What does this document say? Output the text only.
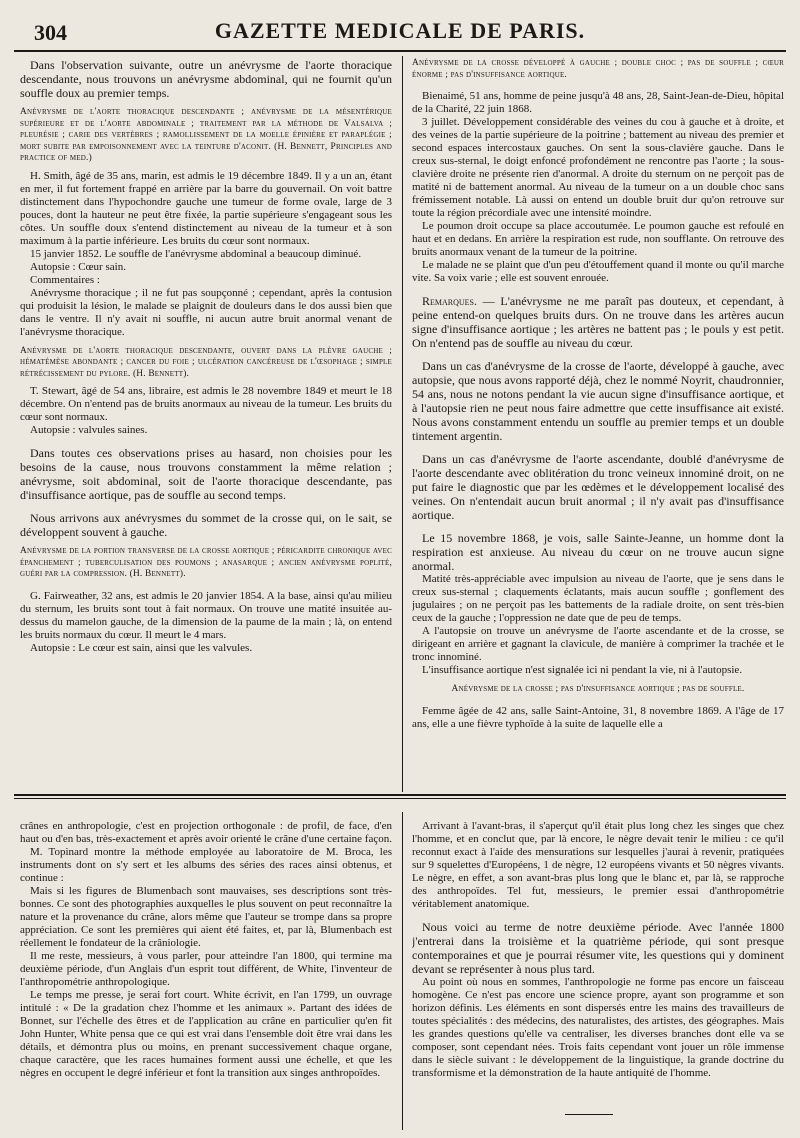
304	GAZETTE MEDICALE DE PARIS.

Dans l'observation suivante, outre un anévrysme de l'aorte thoracique descendante, nous trouvons un anévrysme abdominal, qui ne fournit qu'un souffle doux au premier temps.

Anévrysme de l'aorte thoracique descendante ; anévrysme de la mésentérique supérieure et de l'aorte abdominale ; traitement par la méthode de Valsalva ; pleurésie ; carie des vertèbres ; ramollissement de la moelle épinière et paraplégie ; mort subite par empoisonnement avec la teinture d'aconit. (H. Bennett, Principles and practice of med.)

H. Smith, âgé de 35 ans, marin, est admis le 19 décembre 1849. Il y a un an, étant en mer, il fut fortement frappé en arrière par la barre du gouvernail. On voit battre distinctement dans l'hypochondre gauche une tumeur de forme ovale, large de 3 pouces, dont la hauteur ne peut être fixée, la partie supérieure s'engageant sous les côtes. Un souffle doux s'entend distinctement au niveau de la tumeur et à son maximum à la partie inférieure. Les bruits du cœur sont normaux.

15 janvier 1852. Le souffle de l'anévrysme abdominal a beaucoup diminué.

Autopsie : Cœur sain.

Commentaires :

Anévrysme thoracique ; il ne fut pas soupçonné ; cependant, après la contusion qui produisit la lésion, le malade se plaignit de douleurs dans le dos aussi bien que dans le ventre. Il n'y avait ni souffle, ni aucun autre bruit anormal venant de l'anévrysme thoracique.

Anévrysme de l'aorte thoracique descendante, ouvert dans la plèvre gauche ; hématémèse abondante ; cancer du foie ; ulcération cancéreuse de l'œsophage ; simple rétrécissement du pylore. (H. Bennett).

T. Stewart, âgé de 54 ans, libraire, est admis le 28 novembre 1849 et meurt le 18 décembre. On n'entend pas de bruits anormaux au niveau de la tumeur. Les bruits du cœur sont normaux.

Autopsie : valvules saines.

Dans toutes ces observations prises au hasard, non choisies pour les besoins de la cause, nous trouvons constamment la même relation ; anévrysme, soit abdominal, soit de l'aorte thoracique descendante, pas d'insuffisance aortique, pas de souffle au second temps.

Nous arrivons aux anévrysmes du sommet de la crosse qui, on le sait, se développent souvent à gauche.

Anévrysme de la portion transverse de la crosse aortique ; péricardite chronique avec épanchement ; tuberculisation des poumons ; anasarque ; ancien anévrysme poplité, guéri par la compression. (H. Bennett).

G. Fairweather, 32 ans, est admis le 20 janvier 1854. A la base, ainsi qu'au milieu du sternum, les bruits sont tout à fait normaux. On trouve une matité insuitée au-dessus du mamelon gauche, de la dimension de la paume de la main ; là, on entend les bruits normaux du cœur. Il meurt le 4 mars.

Autopsie : Le cœur est sain, ainsi que les valvules.

Anévrysme de la crosse développé à gauche ; double choc ; pas de souffle ; cœur énorme ; pas d'insuffisance aortique.

Bienaimé, 51 ans, homme de peine jusqu'à 48 ans, 28, Saint-Jean-de-Dieu, hôpital de la Charité, 22 juin 1868.

3 juillet. Développement considérable des veines du cou à gauche et à droite, et des veines de la partie supérieure de la poitrine ; battement au niveau des premier et second espaces intercostaux gauches. On sent la sous-clavière gauche. Dans le creux sus-sternal, le doigt enfoncé profondément ne rencontre pas l'aorte ; la sous-clavière droite ne présente rien d'anormal. A droite du sternum on ne perçoit pas de matité ni de battement anormal. Au niveau de la tumeur on a un double choc sans frémissement notable. Là aussi on entend un double bruit dur qu'on retrouve sur toute la région précordiale avec une intensité moindre.

Le poumon droit occupe sa place accoutumée. Le poumon gauche est refoulé en haut et en dedans. En arrière la respiration est rude, non soufflante. On retrouve des bruits anormaux venant de la tumeur de la poitrine.

Le malade ne se plaint que d'un peu d'étouffement quand il monte ou qu'il marche vite. Sa voix varie ; elle est souvent enrouée.

Remarques. — L'anévrysme ne me paraît pas douteux, et cependant, à peine entend-on quelques bruits durs. On ne trouve dans les artères aucun signe d'insuffisance aortique ; les artères ne battent pas ; le pouls y est petit. On n'entend pas de souffle au niveau du cœur.

Dans un cas d'anévrysme de la crosse de l'aorte, développé à gauche, avec autopsie, que nous avons rapporté déjà, chez le nommé Noyrit, chaudronnier, 54 ans, nous ne notons pendant la vie aucun signe d'insuffisance aortique, et à l'autopsie rien ne peut nous faire admettre que cette insuffisance ait existé. Nous avons constamment entendu un souffle au premier temps et un double tintement argentin.

Dans un cas d'anévrysme de l'aorte ascendante, doublé d'anévrysme de l'aorte descendante avec oblitération du tronc veineux innominé droit, on ne put faire le diagnostic que par les œdèmes et le développement localisé des veines. On n'entendait aucun bruit anormal ; il n'y avait pas d'insuffisance aortique.

Le 15 novembre 1868, je vois, salle Sainte-Jeanne, un homme dont la respiration est anxieuse. Au niveau du cœur on ne trouve aucun signe anormal.

Matité très-appréciable avec impulsion au niveau de l'aorte, que je sens dans le creux sus-sternal ; claquements éclatants, mais aucun souffle ; gonflement des jugulaires ; on ne perçoit pas les battements de la radiale droite, on sent très-bien ceux de la gauche ; l'oppression ne date que de peu de temps.

A l'autopsie on trouve un anévrysme de l'aorte ascendante et de la crosse, se dirigeant en arrière et gagnant la clavicule, de manière à comprimer la trachée et le tronc innominé.

L'insuffisance aortique n'est signalée ici ni pendant la vie, ni à l'autopsie.

Anévrysme de la crosse ; pas d'insuffisance aortique ; pas de souffle.

Femme âgée de 42 ans, salle Saint-Antoine, 31, 8 novembre 1869. A l'âge de 17 ans, elle a une fièvre typhoïde à la suite de laquelle elle a

crânes en anthropologie, c'est en projection orthogonale : de profil, de face, d'en haut ou d'en bas, très-exactement et après avoir orienté le crâne d'une certaine façon.

M. Topinard montre la méthode employée au laboratoire de M. Broca, les instruments dont on s'y sert et les albums des séries des races ainsi obtenus, et continue :

Mais si les figures de Blumenbach sont mauvaises, ses descriptions sont très-bonnes. Ce sont des photographies auxquelles le plus souvent on peut reconnaître la nature et la provenance du crâne, alors même que l'auteur se trompe dans sa propre appréciation. Ce sont les premières qui aient été faites, et, par là, Blumenbach est réellement le fondateur de la crâniologie.

Il me reste, messieurs, à vous parler, pour atteindre l'an 1800, qui termine ma deuxième période, d'un Anglais d'un esprit tout différent, de White, l'inventeur de l'anthropométrie anthropologique.

Le temps me presse, je serai fort court. White écrivit, en l'an 1799, un ouvrage intitulé : « De la gradation chez l'homme et les animaux ». Partant des idées de Bonnet, sur l'échelle des êtres et de l'application au crâne en particulier qu'en fit John Hunter, White pensa que ce qui est vrai dans l'ensemble doit être vrai dans les détails, et démontra plus ou moins, en prenant successivement chaque organe, chaque caractère, que les races humaines forment aussi une échelle, et que les nègres en occupent le degré inférieur et font la transition aux singes anthropoïdes.

Arrivant à l'avant-bras, il s'aperçut qu'il était plus long chez les singes que chez l'homme, et en conclut que, par là encore, le nègre devait tenir le milieu : ce qu'il reconnut exact à l'aide des mensurations sur lesquelles j'aurai à revenir, pratiquées sur 9 squelettes d'Européens, 1 de nègre, 12 européens vivants et 50 nègres vivants. Le nègre, en effet, a son avant-bras plus long que le blanc et, par là, se rapproche des anthropoïdes. Tel fut, messieurs, le premier essai d'anthropométrie véritablement anatomique.

Nous voici au terme de notre deuxième période. Avec l'année 1800 j'entrerai dans la troisième et la quatrième période, qui sont presque contemporaines et que je pourrai résumer vite, les questions qui y dominent devant se représenter à nous plus tard.

Au point où nous en sommes, l'anthropologie ne forme pas encore un faisceau homogène. Ce n'est pas encore une science propre, ayant son programme et son horizon définis. Les éléments en sont dispersés entre les mains des travailleurs de toutes spécialités : des médecins, des naturalistes, des artistes, des géographes. Mais les grandes questions qu'elle va centraliser, les diverses branches dont elle va se composer, sont cependant nées. Trois faits cependant vont jouer un rôle immense dans le siècle suivant : le développement de la linguistique, la grande doctrine du transformisme et la démonstration de la haute antiquité de l'homme.
